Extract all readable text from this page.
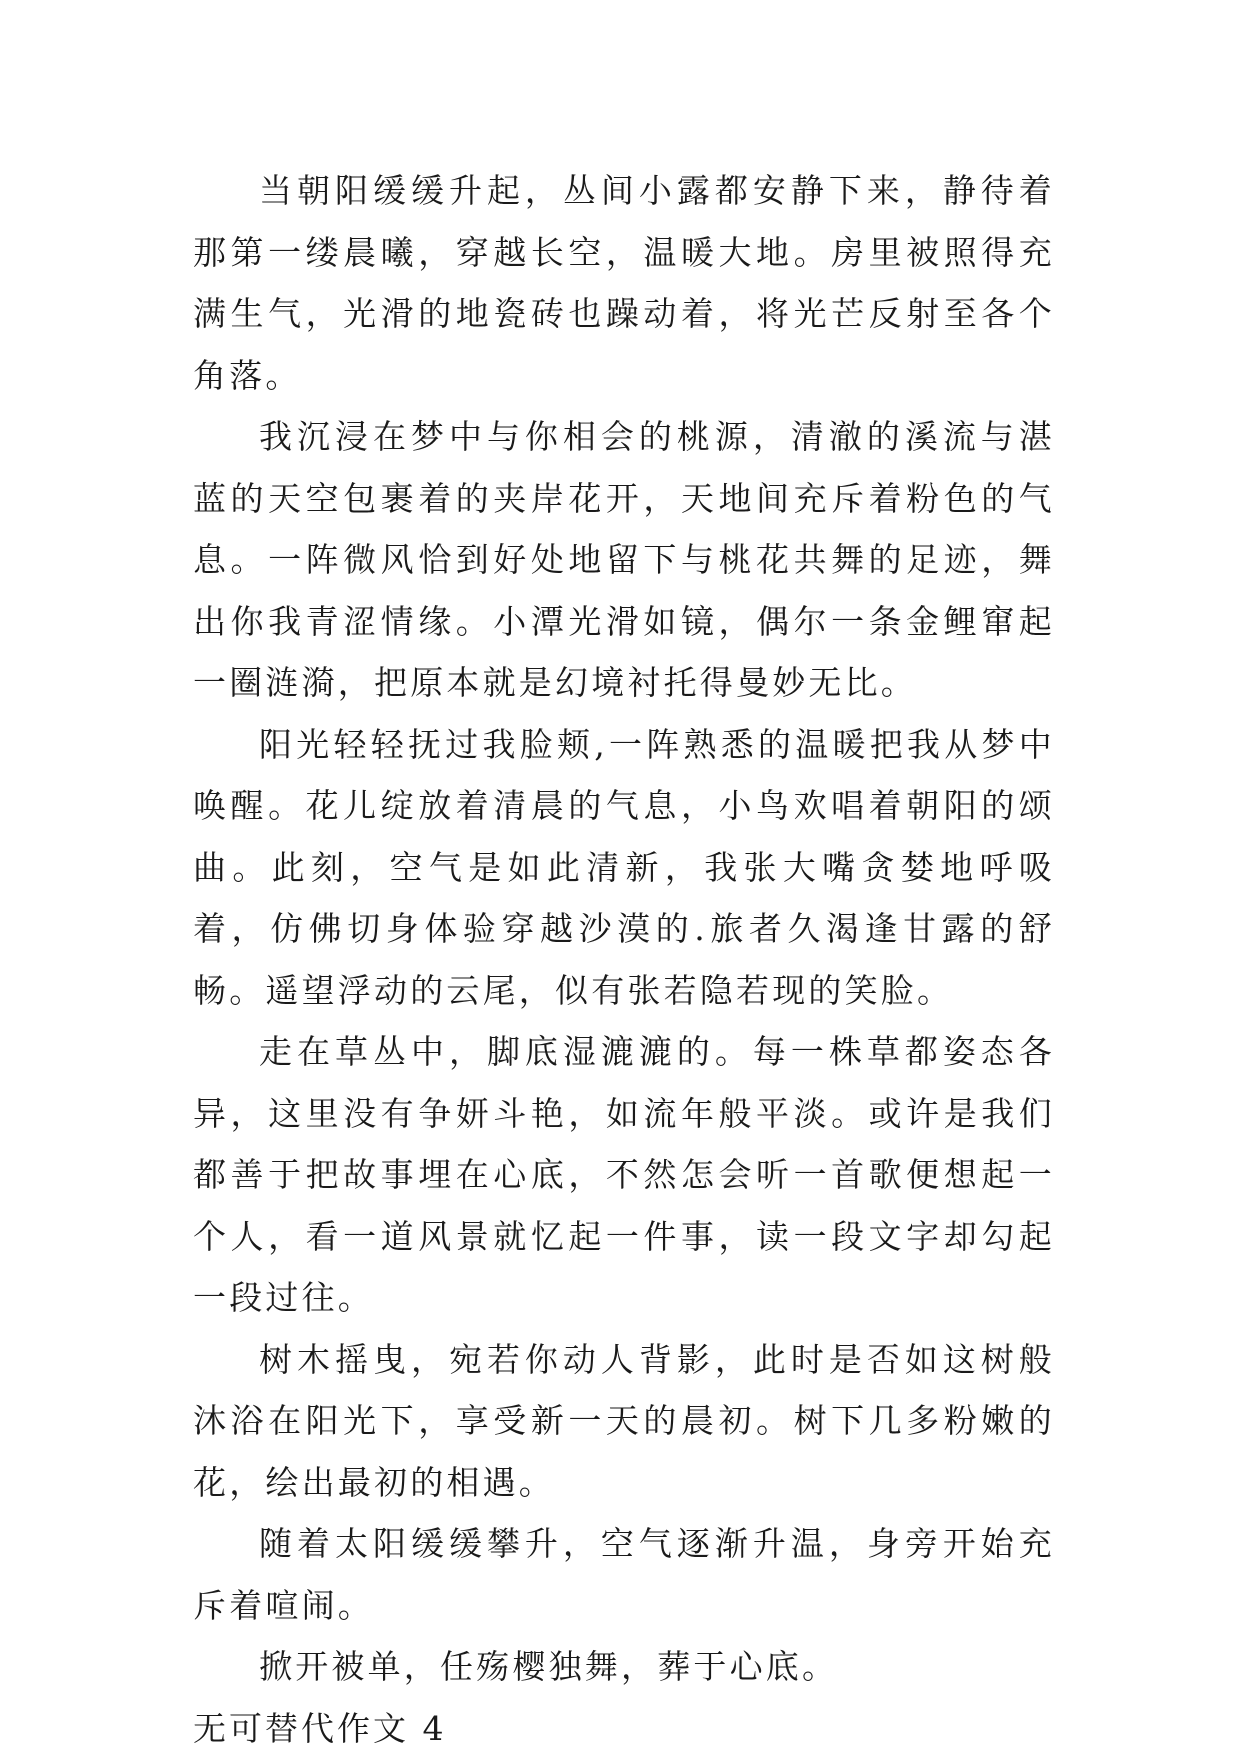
当朝阳缓缓升起，丛间小露都安静下来，静待着那第一缕晨曦，穿越长空，温暖大地。房里被照得充满生气，光滑的地瓷砖也躁动着，将光芒反射至各个角落。

我沉浸在梦中与你相会的桃源，清澈的溪流与湛蓝的天空包裹着的夹岸花开，天地间充斥着粉色的气息。一阵微风恰到好处地留下与桃花共舞的足迹，舞出你我青涩情缘。小潭光滑如镜，偶尔一条金鲤窜起一圈涟漪，把原本就是幻境衬托得曼妙无比。

阳光轻轻抚过我脸颊,一阵熟悉的温暖把我从梦中唤醒。花儿绽放着清晨的气息，小鸟欢唱着朝阳的颂曲。此刻，空气是如此清新，我张大嘴贪婪地呼吸着，仿佛切身体验穿越沙漠的.旅者久渴逢甘露的舒畅。遥望浮动的云尾，似有张若隐若现的笑脸。

走在草丛中，脚底湿漉漉的。每一株草都姿态各异，这里没有争妍斗艳，如流年般平淡。或许是我们都善于把故事埋在心底，不然怎会听一首歌便想起一个人，看一道风景就忆起一件事，读一段文字却勾起一段过往。

树木摇曳，宛若你动人背影，此时是否如这树般沐浴在阳光下，享受新一天的晨初。树下几多粉嫩的花，绘出最初的相遇。

随着太阳缓缓攀升，空气逐渐升温，身旁开始充斥着喧闹。

掀开被单，任殇樱独舞，葬于心底。

无可替代作文 4
